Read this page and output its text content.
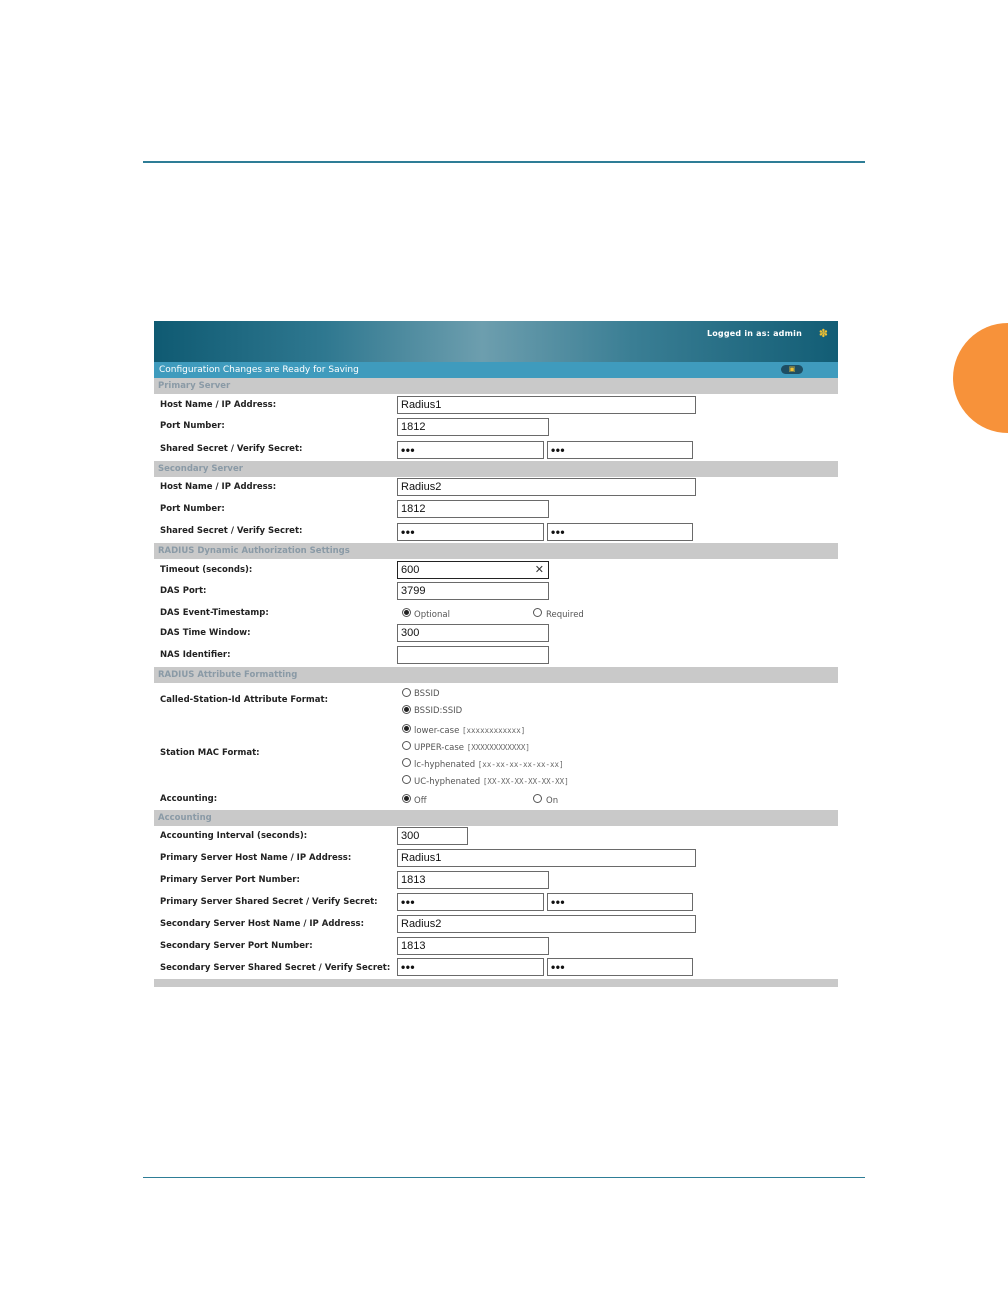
Logged in as: admin ✽
Configuration Changes are Ready for Saving	▣
Primary Server
Host Name / IP Address:	Radius1
Port Number:	1812
Shared Secret / Verify Secret:	•••	•••
Secondary Server
Host Name / IP Address:	Radius2
Port Number:	1812
Shared Secret / Verify Secret:	•••	•••
RADIUS Dynamic Authorization Settings
Timeout (seconds):	600	✕
DAS Port:	3799
DAS Event-Timestamp:	Optional	Required
DAS Time Window:	300
NAS Identifier:
RADIUS Attribute Formatting
Called-Station-Id Attribute Format:
BSSID
BSSID:SSID
Station MAC Format:
lower-case [xxxxxxxxxxxx]
UPPER-case [XXXXXXXXXXXX]
lc-hyphenated [xx-xx-xx-xx-xx-xx]
UC-hyphenated [XX-XX-XX-XX-XX-XX]
Accounting:	Off	On
Accounting
Accounting Interval (seconds):	300
Primary Server Host Name / IP Address:	Radius1
Primary Server Port Number:	1813
Primary Server Shared Secret / Verify Secret:	•••	•••
Secondary Server Host Name / IP Address:	Radius2
Secondary Server Port Number:	1813
Secondary Server Shared Secret / Verify Secret: •••	•••
